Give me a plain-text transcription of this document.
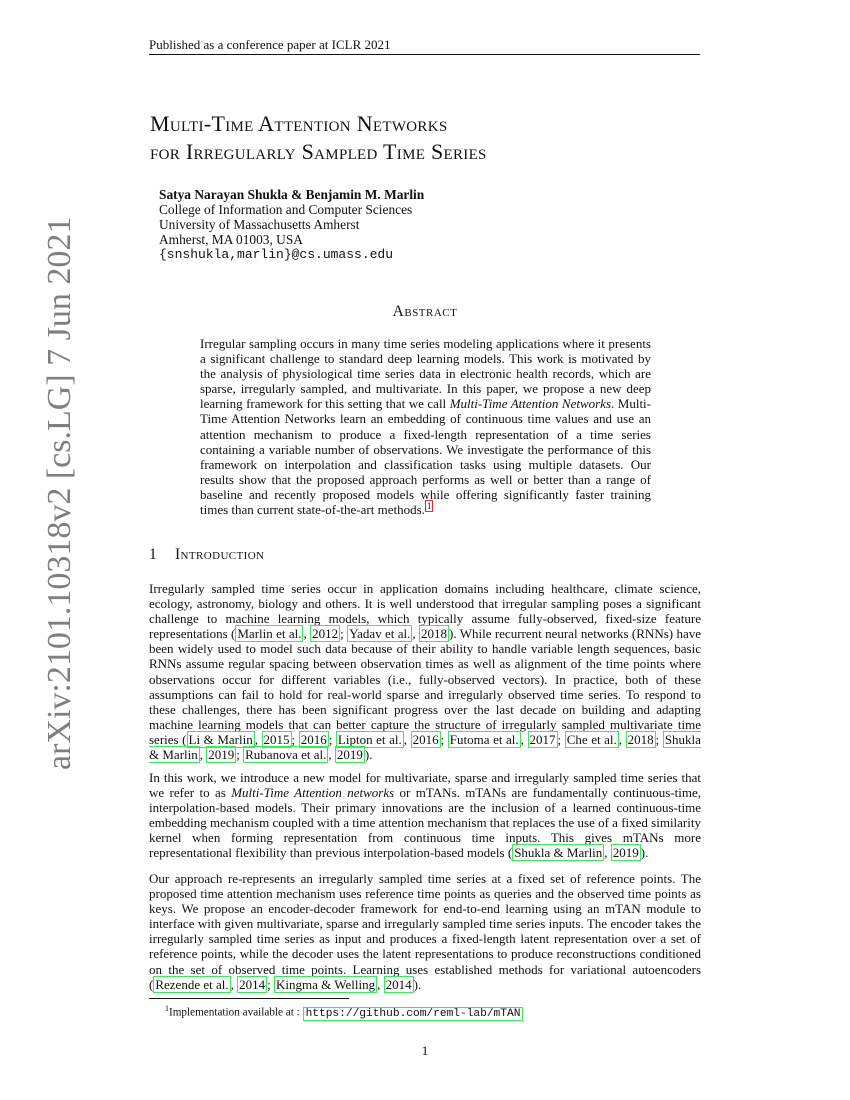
Published as a conference paper at ICLR 2021
arXiv:2101.10318v2 [cs.LG] 7 Jun 2021
Multi-Time Attention Networks
for Irregularly Sampled Time Series
Satya Narayan Shukla & Benjamin M. Marlin
College of Information and Computer Sciences
University of Massachusetts Amherst
Amherst, MA 01003, USA
{snshukla,marlin}@cs.umass.edu
Abstract
Irregular sampling occurs in many time series modeling applications where it presents a significant challenge to standard deep learning models. This work is motivated by the analysis of physiological time series data in electronic health records, which are sparse, irregularly sampled, and multivariate. In this paper, we propose a new deep learning framework for this setting that we call Multi-Time Attention Networks. Multi-Time Attention Networks learn an embedding of continuous time values and use an attention mechanism to produce a fixed-length representation of a time series containing a variable number of observations. We investigate the performance of this framework on interpolation and classification tasks using multiple datasets. Our results show that the proposed approach performs as well or better than a range of baseline and recently proposed models while offering significantly faster training times than current state-of-the-art methods. $^1$
1 Introduction
Irregularly sampled time series occur in application domains including healthcare, climate science, ecology, astronomy, biology and others. It is well understood that irregular sampling poses a significant challenge to machine learning models, which typically assume fully-observed, fixed-size feature representations ( Marlin et al. , 2012 ; Yadav et al. , 2018 ). While recurrent neural networks (RNNs) have been widely used to model such data because of their ability to handle variable length sequences, basic RNNs assume regular spacing between observation times as well as alignment of the time points where observations occur for different variables (i.e., fully-observed vectors). In practice, both of these assumptions can fail to hold for real-world sparse and irregularly observed time series. To respond to these challenges, there has been significant progress over the last decade on building and adapting machine learning models that can better capture the structure of irregularly sampled multivariate time series ( Li & Marlin , 2015 ; 2016 ; Lipton et al. , 2016 ; Futoma et al. , 2017 ; Che et al. , 2018 ; Shukla & Marlin , 2019 ; Rubanova et al. , 2019 ).
In this work, we introduce a new model for multivariate, sparse and irregularly sampled time series that we refer to as Multi-Time Attention networks or mTANs. mTANs are fundamentally continuous-time, interpolation-based models. Their primary innovations are the inclusion of a learned continuous-time embedding mechanism coupled with a time attention mechanism that replaces the use of a fixed similarity kernel when forming representation from continuous time inputs. This gives mTANs more representational flexibility than previous interpolation-based models ( Shukla & Marlin , 2019 ).
Our approach re-represents an irregularly sampled time series at a fixed set of reference points. The proposed time attention mechanism uses reference time points as queries and the observed time points as keys. We propose an encoder-decoder framework for end-to-end learning using an mTAN module to interface with given multivariate, sparse and irregularly sampled time series inputs. The encoder takes the irregularly sampled time series as input and produces a fixed-length latent representation over a set of reference points, while the decoder uses the latent representations to produce reconstructions conditioned on the set of observed time points. Learning uses established methods for variational autoencoders ( Rezende et al. , 2014 ; Kingma & Welling , 2014 ).
$^1$Implementation available at : https://github.com/reml-lab/mTAN
1
